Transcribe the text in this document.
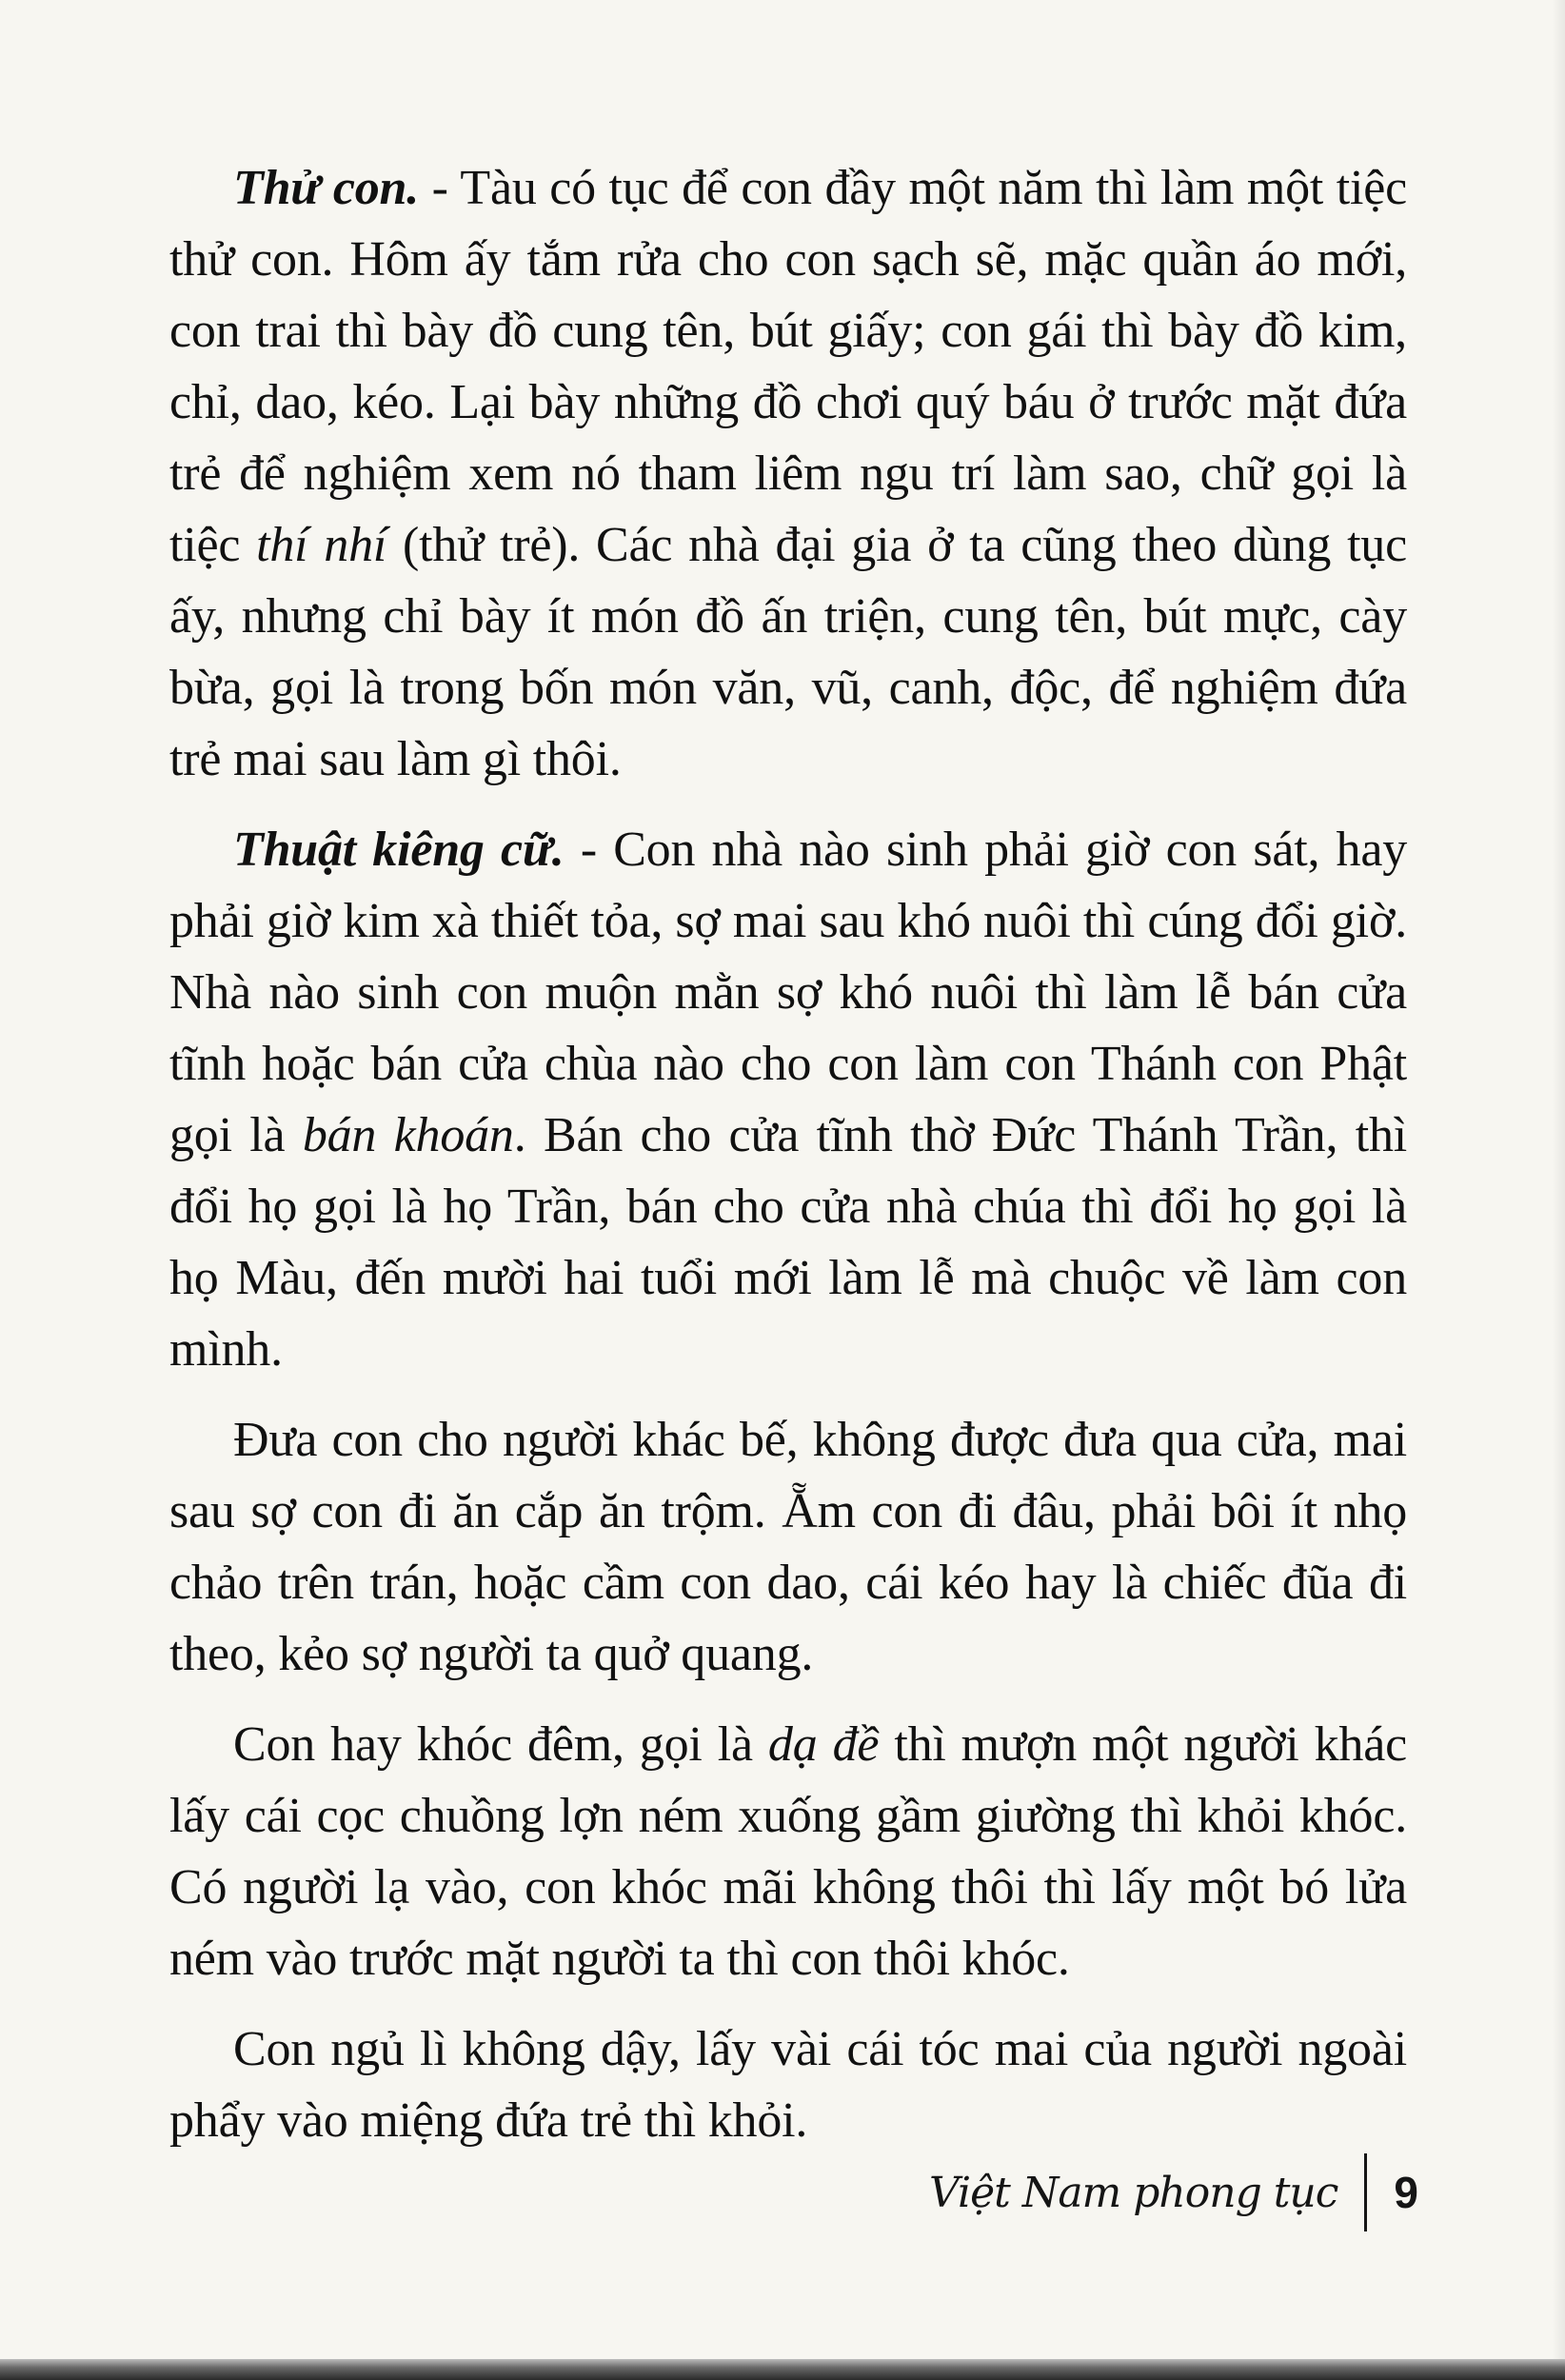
Thử con. - Tàu có tục để con đầy một năm thì làm một tiệc thử con. Hôm ấy tắm rửa cho con sạch sẽ, mặc quần áo mới, con trai thì bày đồ cung tên, bút giấy; con gái thì bày đồ kim, chỉ, dao, kéo. Lại bày những đồ chơi quý báu ở trước mặt đứa trẻ để nghiệm xem nó tham liêm ngu trí làm sao, chữ gọi là tiệc thí nhí (thử trẻ). Các nhà đại gia ở ta cũng theo dùng tục ấy, nhưng chỉ bày ít món đồ ấn triện, cung tên, bút mực, cày bừa, gọi là trong bốn món văn, vũ, canh, độc, để nghiệm đứa trẻ mai sau làm gì thôi.

Thuật kiêng cữ. - Con nhà nào sinh phải giờ con sát, hay phải giờ kim xà thiết tỏa, sợ mai sau khó nuôi thì cúng đổi giờ. Nhà nào sinh con muộn mằn sợ khó nuôi thì làm lễ bán cửa tĩnh hoặc bán cửa chùa nào cho con làm con Thánh con Phật gọi là bán khoán. Bán cho cửa tĩnh thờ Đức Thánh Trần, thì đổi họ gọi là họ Trần, bán cho cửa nhà chúa thì đổi họ gọi là họ Màu, đến mười hai tuổi mới làm lễ mà chuộc về làm con mình.

Đưa con cho người khác bế, không được đưa qua cửa, mai sau sợ con đi ăn cắp ăn trộm. Ẵm con đi đâu, phải bôi ít nhọ chảo trên trán, hoặc cầm con dao, cái kéo hay là chiếc đũa đi theo, kẻo sợ người ta quở quang.

Con hay khóc đêm, gọi là dạ đề thì mượn một người khác lấy cái cọc chuồng lợn ném xuống gầm giường thì khỏi khóc. Có người lạ vào, con khóc mãi không thôi thì lấy một bó lửa ném vào trước mặt người ta thì con thôi khóc.

Con ngủ lì không dậy, lấy vài cái tóc mai của người ngoài phẩy vào miệng đứa trẻ thì khỏi.

Việt Nam phong tục	9
